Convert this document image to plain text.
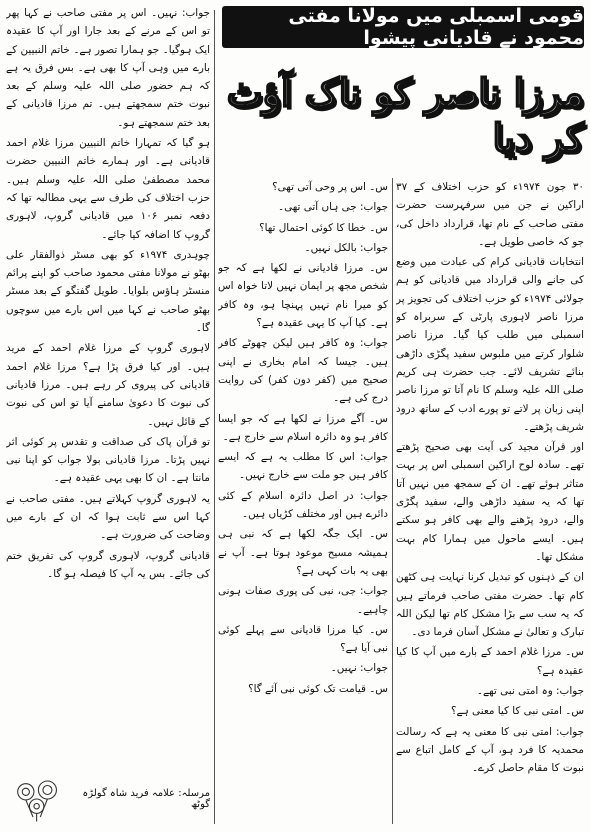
قومی اسمبلی میں مولانا مفتی محمود نے قادیانی پیشوا
مرزا ناصر کو ناک آؤٹ کر دیا

۳۰ جون ۱۹۷۴ء کو حزب اختلاف کے ۳۷ اراکین نے جن میں سرفہرست حضرت مفتی صاحب کے نام تھا، قرارداد داخل کی، جو کہ خاصی طویل ہے۔

انتخابات قادیانی کرام کی عبادت میں وضع کی جانے والی قرارداد میں قادیانی کو ہم جولائی ۱۹۷۴ء کو حزب اختلاف کی تجویز پر مرزا ناصر لاہوری پارٹی کے سربراہ کو اسمبلی میں طلب کیا گیا۔ مرزا ناصر شلوار کرتے میں ملبوس سفید پگڑی داڑھی بنائے تشریف لائے۔ جب حضرت ہی کریم صلی اللہ علیہ وسلم کا نام آتا تو مرزا ناصر اپنی زبان پر لاتے تو پورے ادب کے ساتھ درود شریف پڑھتے۔

اور قرآن مجید کی آیت بھی صحیح پڑھتے تھے۔ سادہ لوح اراکین اسمبلی اس پر بہت متاثر ہوئے تھے۔ ان کے سمجھ میں نہیں آتا تھا کہ یہ سفید داڑھی والے، سفید پگڑی والے، درود پڑھنے والے بھی کافر ہو سکتے ہیں۔ ایسے ماحول میں ہمارا کام بہت مشکل تھا۔

ان کے ذہنوں کو تبدیل کرنا نہایت ہی کٹھن کام تھا۔ حضرت مفتی صاحب فرماتے ہیں کہ یہ سب سے بڑا مشکل کام تھا لیکن اللہ تبارک و تعالیٰ نے مشکل آسان فرما دی۔

س۔ مرزا غلام احمد کے بارے میں آپ کا کیا عقیدہ ہے؟

جواب: وہ امتی نبی تھے۔

س۔ امتی نبی کا کیا معنی ہے؟

جواب: امتی نبی کا معنی یہ ہے کہ رسالت محمدیہ کا فرد ہو، آپ کے کامل اتباع سے نبوت کا مقام حاصل کرے۔

س۔ اس پر وحی آتی تھی؟

جواب: جی ہاں آتی تھی۔

س۔ خطا کا کوئی احتمال تھا؟

جواب: بالکل نہیں۔

س۔ مرزا قادیانی نے لکھا ہے کہ جو شخص مجھ پر ایمان نہیں لاتا خواہ اس کو میرا نام نہیں پہنچا ہو، وہ کافر ہے۔ کیا آپ کا یہی عقیدہ ہے؟

جواب: وہ کافر ہیں لیکن چھوٹے کافر ہیں۔ جیسا کہ امام بخاری نے اپنی صحیح میں (کفر دون کفر) کی روایت درج کی ہے۔

س۔ آگے مرزا نے لکھا ہے کہ جو ایسا کافر ہو وہ دائرہ اسلام سے خارج ہے۔

جواب: اس کا مطلب یہ ہے کہ ایسے کافر ہیں جو ملت سے خارج نہیں۔

جواب: در اصل دائرہ اسلام کے کئی دائرے ہیں اور مختلف کڑیاں ہیں۔

س۔ ایک جگہ لکھا ہے کہ نبی ہی ہمیشہ مسیح موعود ہوتا ہے۔ آپ نے بھی یہ بات کہی ہے؟

جواب: جی، نبی کی پوری صفات ہونی چاہیے۔

س۔ کیا مرزا قادیانی سے پہلے کوئی نبی آیا ہے؟

جواب: نہیں۔

س۔ قیامت تک کوئی نبی آئے گا؟

جواب: نہیں۔ اس پر مفتی صاحب نے کہا پھر تو اس کے مرنے کے بعد جارا اور آپ کا عقیدہ ایک ہوگیا۔ جو ہمارا تصور ہے۔ خاتم النبیین کے بارے میں وہی آپ کا بھی ہے۔ بس فرق یہ ہے کہ ہم حضور صلی اللہ علیہ وسلم کے بعد نبوت ختم سمجھتے ہیں۔ تم مرزا قادیانی کے بعد ختم سمجھتے ہو۔

ہو گیا کہ تمہارا خاتم النبیین مرزا غلام احمد قادیانی ہے۔ اور ہمارے خاتم النبیین حضرت محمد مصطفیٰ صلی اللہ علیہ وسلم ہیں۔ حزب اختلاف کی طرف سے یہی مطالبہ تھا کہ دفعہ نمبر ۱۰۶ میں قادیانی گروپ، لاہوری گروپ کا اضافہ کیا جائے۔

چوہدری ۱۹۷۴ء کو بھی مسٹر ذوالفقار علی بھٹو نے مولانا مفتی محمود صاحب کو اپنے پرائم منسٹر ہاؤس بلوایا۔ طویل گفتگو کے بعد مسٹر بھٹو صاحب نے کہا میں اس بارے میں سوچوں گا۔

لاہوری گروپ کے مرزا غلام احمد کے مرید ہیں۔ اور کیا فرق پڑا ہے؟ مرزا غلام احمد قادیانی کی پیروی کر رہے ہیں۔ مرزا قادیانی کی نبوت کا دعویٰ سامنے آیا تو اس کی نبوت کے قائل نہیں۔

تو قرآن پاک کی صداقت و تقدس پر کوئی اثر نہیں پڑتا۔ مرزا قادیانی بولا جواب کو اپنا نبی مانتا ہے۔ ان کا بھی یہی عقیدہ ہے۔

یہ لاہوری گروپ کہلاتے ہیں۔ مفتی صاحب نے کہا اس سے ثابت ہوا کہ ان کے بارے میں وضاحت کی ضرورت ہے۔

قادیانی گروپ، لاہوری گروپ کی تفریق ختم کی جائے۔ بس یہ آپ کا فیصلہ ہو گا۔

مرسلہ: علامہ فرید شاہ گولڑہ گوٹھ
